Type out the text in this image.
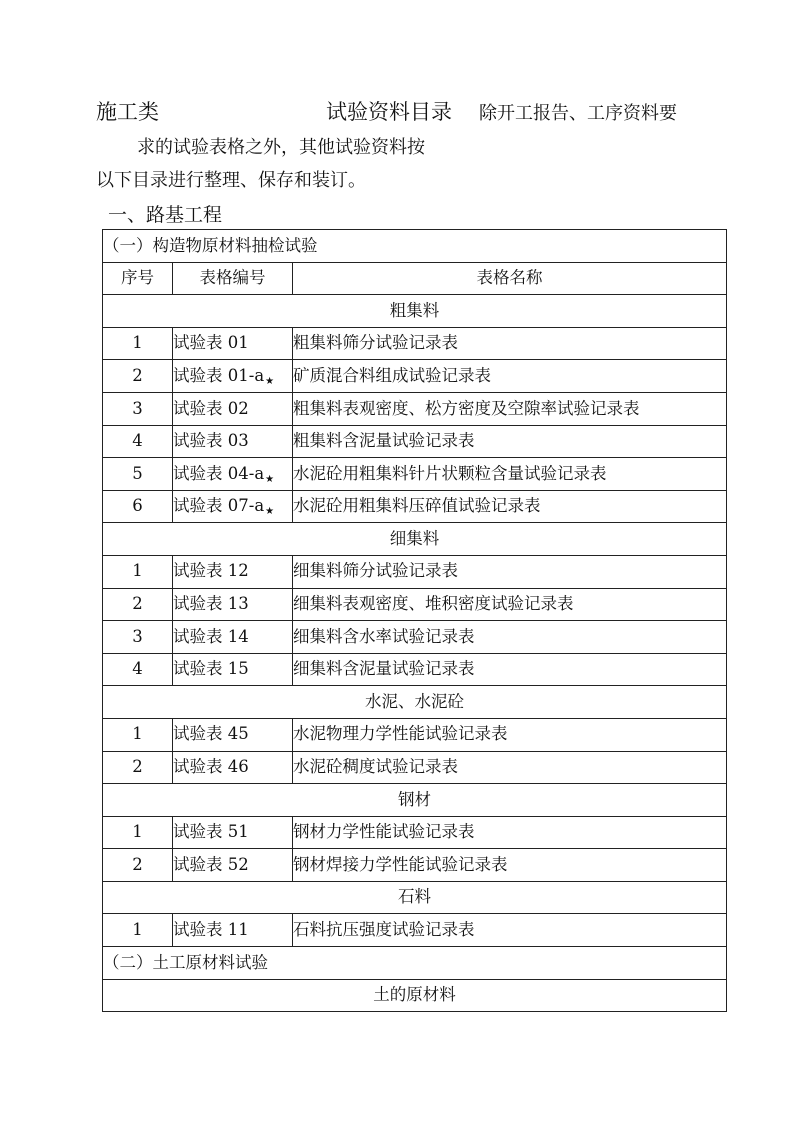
施工类	试验资料目录 除开工报告、工序资料要
求的试验表格之外，其他试验资料按
以下目录进行整理、保存和装订。
一、路基工程
（一）构造物原材料抽检试验		
序号	表格编号	表格名称
粗集料		
1	试验表 01	粗集料筛分试验记录表
2	试验表 01-a★	矿质混合料组成试验记录表
3	试验表 02	粗集料表观密度、松方密度及空隙率试验记录表
4	试验表 03	粗集料含泥量试验记录表
5	试验表 04-a★	水泥砼用粗集料针片状颗粒含量试验记录表
6	试验表 07-a★	水泥砼用粗集料压碎值试验记录表
细集料		
1	试验表 12	细集料筛分试验记录表
2	试验表 13	细集料表观密度、堆积密度试验记录表
3	试验表 14	细集料含水率试验记录表
4	试验表 15	细集料含泥量试验记录表
水泥、水泥砼		
1	试验表 45	水泥物理力学性能试验记录表
2	试验表 46	水泥砼稠度试验记录表
钢材		
1	试验表 51	钢材力学性能试验记录表
2	试验表 52	钢材焊接力学性能试验记录表
石料		
1	试验表 11	石料抗压强度试验记录表
（二）土工原材料试验		
土的原材料		
